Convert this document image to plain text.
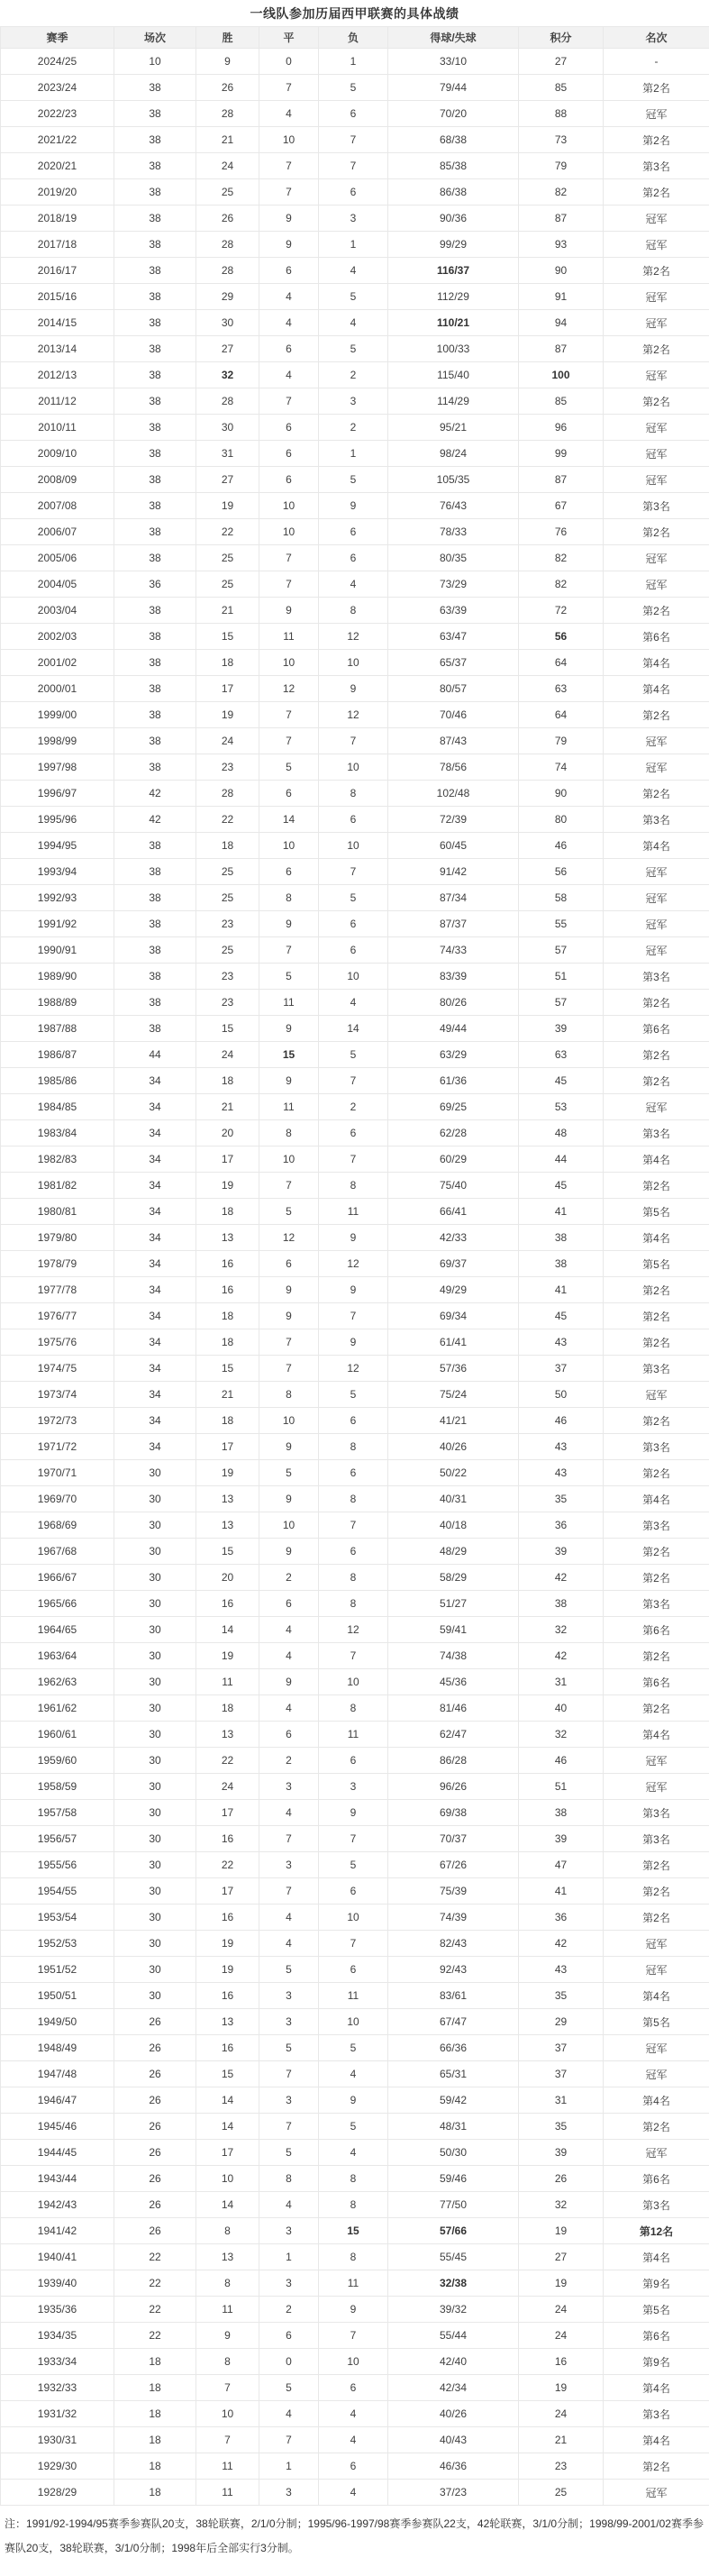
一线队参加历届西甲联赛的具体战绩
赛季	场次	胜	平	负	得球/失球	积分	名次
2024/25	10	9	0	1	33/10	27	-
2023/24	38	26	7	5	79/44	85	第2名
2022/23	38	28	4	6	70/20	88	冠军
2021/22	38	21	10	7	68/38	73	第2名
2020/21	38	24	7	7	85/38	79	第3名
2019/20	38	25	7	6	86/38	82	第2名
2018/19	38	26	9	3	90/36	87	冠军
2017/18	38	28	9	1	99/29	93	冠军
2016/17	38	28	6	4	116/37	90	第2名
2015/16	38	29	4	5	112/29	91	冠军
2014/15	38	30	4	4	110/21	94	冠军
2013/14	38	27	6	5	100/33	87	第2名
2012/13	38	32	4	2	115/40	100	冠军
2011/12	38	28	7	3	114/29	85	第2名
2010/11	38	30	6	2	95/21	96	冠军
2009/10	38	31	6	1	98/24	99	冠军
2008/09	38	27	6	5	105/35	87	冠军
2007/08	38	19	10	9	76/43	67	第3名
2006/07	38	22	10	6	78/33	76	第2名
2005/06	38	25	7	6	80/35	82	冠军
2004/05	36	25	7	4	73/29	82	冠军
2003/04	38	21	9	8	63/39	72	第2名
2002/03	38	15	11	12	63/47	56	第6名
2001/02	38	18	10	10	65/37	64	第4名
2000/01	38	17	12	9	80/57	63	第4名
1999/00	38	19	7	12	70/46	64	第2名
1998/99	38	24	7	7	87/43	79	冠军
1997/98	38	23	5	10	78/56	74	冠军
1996/97	42	28	6	8	102/48	90	第2名
1995/96	42	22	14	6	72/39	80	第3名
1994/95	38	18	10	10	60/45	46	第4名
1993/94	38	25	6	7	91/42	56	冠军
1992/93	38	25	8	5	87/34	58	冠军
1991/92	38	23	9	6	87/37	55	冠军
1990/91	38	25	7	6	74/33	57	冠军
1989/90	38	23	5	10	83/39	51	第3名
1988/89	38	23	11	4	80/26	57	第2名
1987/88	38	15	9	14	49/44	39	第6名
1986/87	44	24	15	5	63/29	63	第2名
1985/86	34	18	9	7	61/36	45	第2名
1984/85	34	21	11	2	69/25	53	冠军
1983/84	34	20	8	6	62/28	48	第3名
1982/83	34	17	10	7	60/29	44	第4名
1981/82	34	19	7	8	75/40	45	第2名
1980/81	34	18	5	11	66/41	41	第5名
1979/80	34	13	12	9	42/33	38	第4名
1978/79	34	16	6	12	69/37	38	第5名
1977/78	34	16	9	9	49/29	41	第2名
1976/77	34	18	9	7	69/34	45	第2名
1975/76	34	18	7	9	61/41	43	第2名
1974/75	34	15	7	12	57/36	37	第3名
1973/74	34	21	8	5	75/24	50	冠军
1972/73	34	18	10	6	41/21	46	第2名
1971/72	34	17	9	8	40/26	43	第3名
1970/71	30	19	5	6	50/22	43	第2名
1969/70	30	13	9	8	40/31	35	第4名
1968/69	30	13	10	7	40/18	36	第3名
1967/68	30	15	9	6	48/29	39	第2名
1966/67	30	20	2	8	58/29	42	第2名
1965/66	30	16	6	8	51/27	38	第3名
1964/65	30	14	4	12	59/41	32	第6名
1963/64	30	19	4	7	74/38	42	第2名
1962/63	30	11	9	10	45/36	31	第6名
1961/62	30	18	4	8	81/46	40	第2名
1960/61	30	13	6	11	62/47	32	第4名
1959/60	30	22	2	6	86/28	46	冠军
1958/59	30	24	3	3	96/26	51	冠军
1957/58	30	17	4	9	69/38	38	第3名
1956/57	30	16	7	7	70/37	39	第3名
1955/56	30	22	3	5	67/26	47	第2名
1954/55	30	17	7	6	75/39	41	第2名
1953/54	30	16	4	10	74/39	36	第2名
1952/53	30	19	4	7	82/43	42	冠军
1951/52	30	19	5	6	92/43	43	冠军
1950/51	30	16	3	11	83/61	35	第4名
1949/50	26	13	3	10	67/47	29	第5名
1948/49	26	16	5	5	66/36	37	冠军
1947/48	26	15	7	4	65/31	37	冠军
1946/47	26	14	3	9	59/42	31	第4名
1945/46	26	14	7	5	48/31	35	第2名
1944/45	26	17	5	4	50/30	39	冠军
1943/44	26	10	8	8	59/46	26	第6名
1942/43	26	14	4	8	77/50	32	第3名
1941/42	26	8	3	15	57/66	19	第12名
1940/41	22	13	1	8	55/45	27	第4名
1939/40	22	8	3	11	32/38	19	第9名
1935/36	22	11	2	9	39/32	24	第5名
1934/35	22	9	6	7	55/44	24	第6名
1933/34	18	8	0	10	42/40	16	第9名
1932/33	18	7	5	6	42/34	19	第4名
1931/32	18	10	4	4	40/26	24	第3名
1930/31	18	7	7	4	40/43	21	第4名
1929/30	18	11	1	6	46/36	23	第2名
1928/29	18	11	3	4	37/23	25	冠军
注：1991/92-1994/95赛季参赛队20支，38轮联赛，2/1/0分制；1995/96-1997/98赛季参赛队22支，42轮联赛，3/1/0分制；1998/99-2001/02赛季参赛队20支，38轮联赛，3/1/0分制；1998年后全部实行3分制。
